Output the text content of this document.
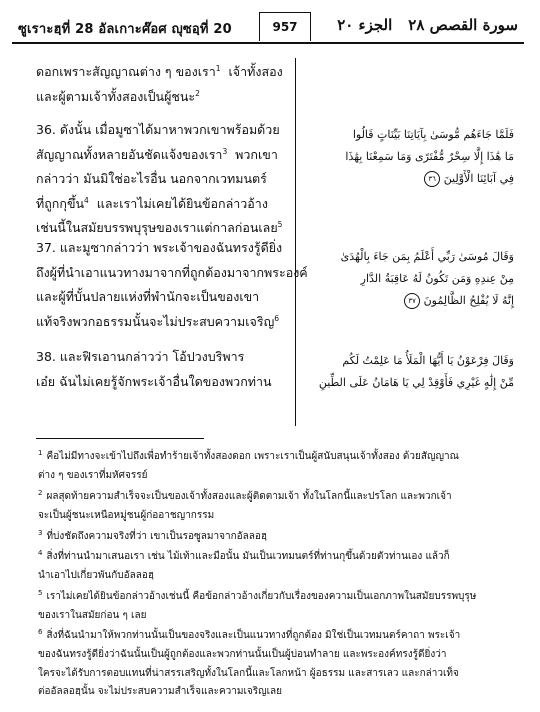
ซูเราะฮฺที่ 28 อัลเกาะศ๊อศ ญุซอฺที่ 20	957	سورة القصص ٢٨الجزء ٢٠

ดอกเพราะสัญญาณต่าง ๆ ของเรา$^1$ เจ้าทั้งสอง

และผู้ตามเจ้าทั้งสองเป็นผู้ชนะ$^2$

36. ดังนั้น เมื่อมูซาได้มาหาพวกเขาพร้อมด้วย

สัญญาณทั้งหลายอันชัดแจ้งของเรา$^3$ พวกเขา

กล่าวว่า มันมิใช่อะไรอื่น นอกจากเวทมนตร์

ที่ถูกกุขึ้น$^4$ และเราไม่เคยได้ยินข้อกล่าวอ้าง

เช่นนี้ในสมัยบรรพบุรุษของเราแต่กาลก่อนเลย$^5$

37. และมูซากล่าวว่า พระเจ้าของฉันทรงรู้ดียิ่ง

ถึงผู้ที่นำเอาแนวทางมาจากที่ถูกต้องมาจากพระองค์

และผู้ที่บั้นปลายแห่งที่พำนักจะเป็นของเขา

แท้จริงพวกอธรรมนั้นจะไม่ประสบความเจริญ$^6$

38. และฟิรเอานกล่าวว่า โอ้ปวงบริพาร

เอ๋ย ฉันไม่เคยรู้จักพระเจ้าอื่นใดของพวกท่าน

فَلَمَّا جَاءَهُم مُّوسَىٰ بِآيَاتِنَا بَيِّنَاتٍ قَالُوا

مَا هَٰذَا إِلَّا سِحْرٌ مُّفْتَرًى وَمَا سَمِعْنَا بِهَٰذَا

فِي آبَائِنَا الْأَوَّلِينَ ٣٦

وَقَالَ مُوسَىٰ رَبِّي أَعْلَمُ بِمَن جَاءَ بِالْهُدَىٰ

مِنْ عِندِهِ وَمَن تَكُونُ لَهُ عَاقِبَةُ الدَّارِ

إِنَّهُ لَا يُفْلِحُ الظَّالِمُونَ ٣٧

وَقَالَ فِرْعَوْنُ يَا أَيُّهَا الْمَلَأُ مَا عَلِمْتُ لَكُم

مِّنْ إِلَٰهٍ غَيْرِي فَأَوْقِدْ لِي يَا هَامَانُ عَلَى الطِّينِ

$^1$ คือไม่มีทางจะเข้าไปถึงเพื่อทำร้ายเจ้าทั้งสองดอก เพราะเราเป็นผู้สนับสนุนเจ้าทั้งสอง ด้วยสัญญาณ

ต่าง ๆ ของเราที่มหัศจรรย์

$^2$ ผลสุดท้ายความสำเร็จจะเป็นของเจ้าทั้งสองและผู้ติดตามเจ้า ทั้งในโลกนี้และปรโลก และพวกเจ้า

จะเป็นผู้ชนะเหนือหมู่ชนผู้ก่ออาชญากรรม

$^3$ ที่บ่งชัดถึงความจริงที่ว่า เขาเป็นรอซูลมาจากอัลลอฮฺ

$^4$ สิ่งที่ท่านนำมาเสนอเรา เช่น ไม้เท้าและมือนั้น มันเป็นเวทมนตร์ที่ท่านกุขึ้นด้วยตัวท่านเอง แล้วก็

นำเอาไปเกี่ยวพันกับอัลลอฮฺ

$^5$ เราไม่เคยได้ยินข้อกล่าวอ้างเช่นนี้ คือข้อกล่าวอ้างเกี่ยวกับเรื่องของความเป็นเอกภาพในสมัยบรรพบุรุษ

ของเราในสมัยก่อน ๆ เลย

$^6$ สิ่งที่ฉันนำมาให้พวกท่านนั้นเป็นของจริงและเป็นแนวทางที่ถูกต้อง มิใช่เป็นเวทมนตร์คาถา พระเจ้า

ของฉันทรงรู้ดียิ่งว่าฉันนั้นเป็นผู้ถูกต้องและพวกท่านนั้นเป็นผู้บ่อนทำลาย และพระองค์ทรงรู้ดียิ่งว่า

ใครจะได้รับการตอบแทนที่น่าสรรเสริญทั้งในโลกนี้และโลกหน้า ผู้อธรรม และสารเลว และกล่าวเท็จ

ต่ออัลลอฮฺนั้น จะไม่ประสบความสำเร็จและความเจริญเลย
